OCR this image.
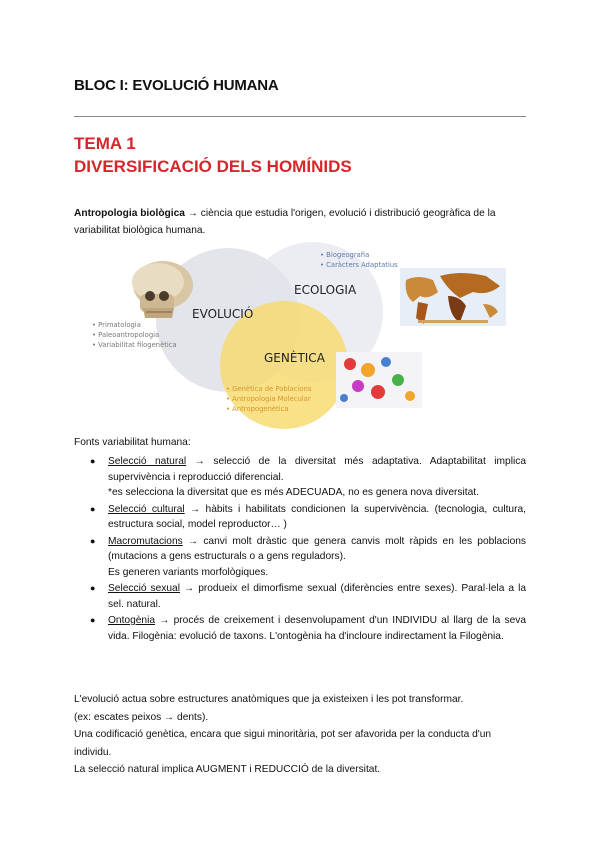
BLOC I: EVOLUCIÓ HUMANA
TEMA 1
DIVERSIFICACIÓ DELS HOMÍNIDS
Antropologia biològica → ciència que estudia l'origen, evolució i distribució geogràfica de la variabilitat biològica humana.
EVOLUCIÓ
ECOLOGIA
GENÈTICA
• Primatologia
• Paleoantropologia
• Variabilitat filogenètica
• Biogeografia
• Caràcters Adaptatius
• Genètica de Poblacions
• Antropologia Molecular
• Antropogenètica
Fonts variabilitat humana:
● Selecció natural → selecció de la diversitat més adaptativa. Adaptabilitat implica supervivència i reproducció diferencial.
*es selecciona la diversitat que es més ADECUADA, no es genera nova diversitat.
● Selecció cultural → hàbits i habilitats condicionen la supervivència. (tecnologia, cultura, estructura social, model reproductor… )
● Macromutacions → canvi molt dràstic que genera canvis molt ràpids en les poblacions (mutacions a gens estructurals o a gens reguladors).
Es generen variants morfològiques.
● Selecció sexual → produeix el dimorfisme sexual (diferències entre sexes). Paral·lela a la sel. natural.
● Ontogènia → procés de creixement i desenvolupament d'un INDIVIDU al llarg de la seva vida. Filogènia: evolució de taxons. L'ontogènia ha d'incloure indirectament la Filogènia.
L'evolució actua sobre estructures anatòmiques que ja existeixen i les pot transformar.
(ex: escates peixos → dents).
Una codificació genètica, encara que sigui minoritària, pot ser afavorida per la conducta d'un individu.
La selecció natural implica AUGMENT i REDUCCIÓ de la diversitat.
